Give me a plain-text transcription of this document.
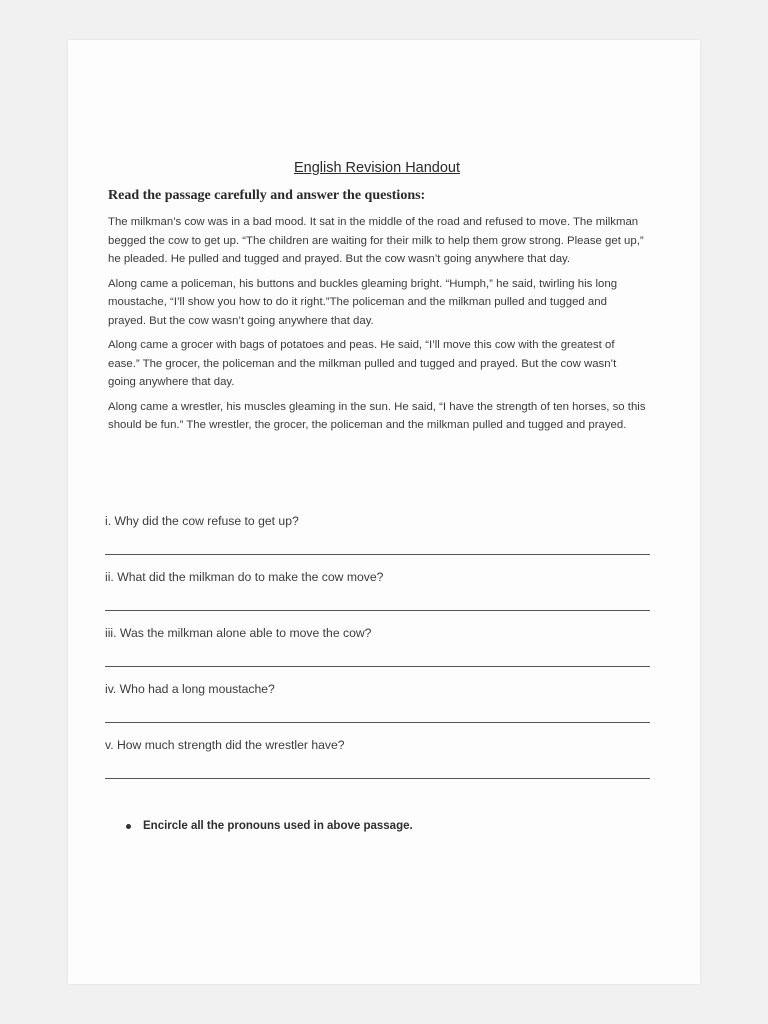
English Revision Handout
Read the passage carefully and answer the questions:

The milkman’s cow was in a bad mood. It sat in the middle of the road and refused to move. The milkman begged the cow to get up. “The children are waiting for their milk to help them grow strong. Please get up,” he pleaded. He pulled and tugged and prayed. But the cow wasn’t going anywhere that day.

Along came a policeman, his buttons and buckles gleaming bright. “Humph,” he said, twirling his long moustache, “I’ll show you how to do it right.”The policeman and the milkman pulled and tugged and prayed. But the cow wasn’t going anywhere that day.

Along came a grocer with bags of potatoes and peas. He said, “I’ll move this cow with the greatest of ease.” The grocer, the policeman and the milkman pulled and tugged and prayed. But the cow wasn’t going anywhere that day.

Along came a wrestler, his muscles gleaming in the sun. He said, “I have the strength of ten horses, so this should be fun.” The wrestler, the grocer, the policeman and the milkman pulled and tugged and prayed.

i. Why did the cow refuse to get up?
ii. What did the milkman do to make the cow move?
iii. Was the milkman alone able to move the cow?
iv. Who had a long moustache?
v. How much strength did the wrestler have?
Encircle all the pronouns used in above passage.
